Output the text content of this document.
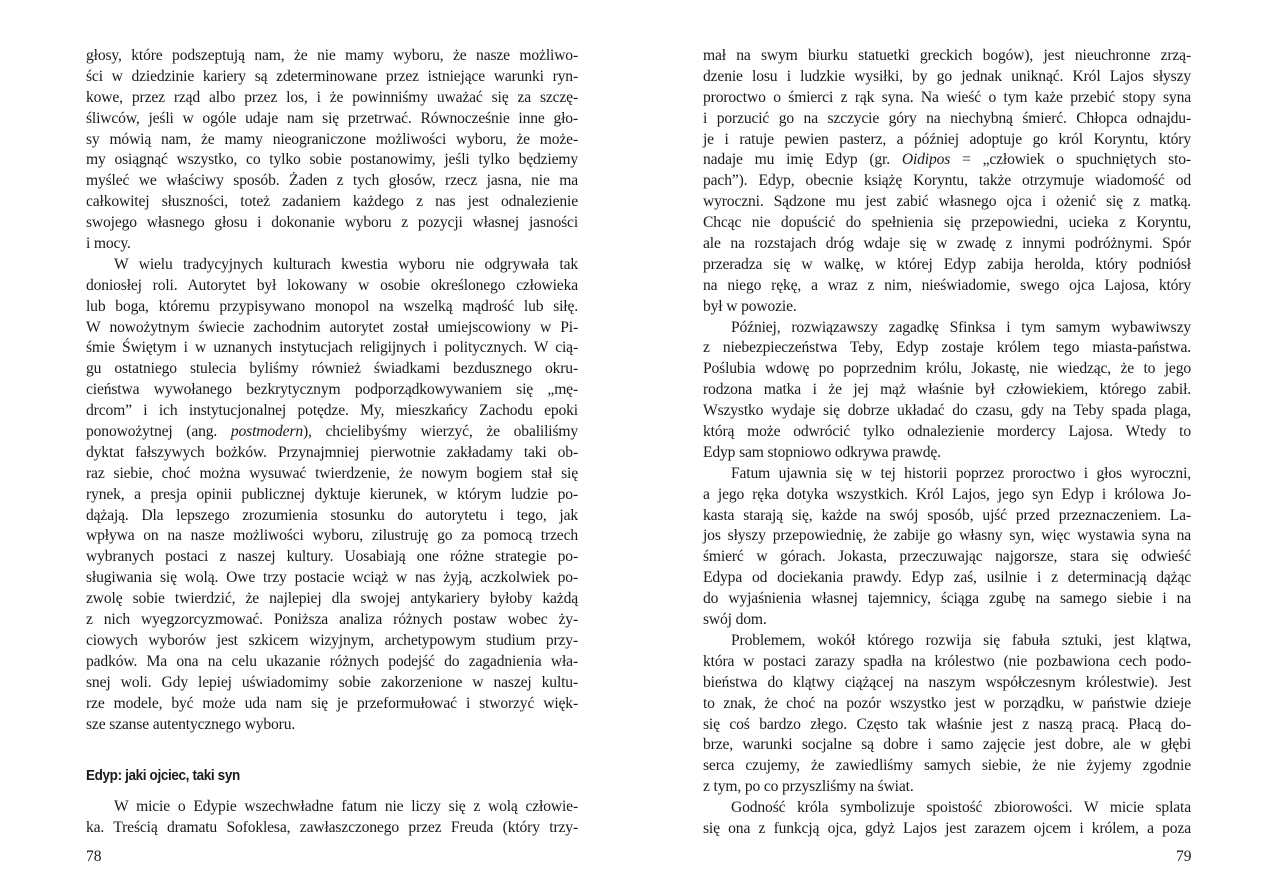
głosy, które podszeptują nam, że nie mamy wyboru, że nasze możliwo-
ści w dziedzinie kariery są zdeterminowane przez istniejące warunki ryn-
kowe, przez rząd albo przez los, i że powinniśmy uważać się za szczę-
śliwców, jeśli w ogóle udaje nam się przetrwać. Równocześnie inne gło-
sy mówią nam, że mamy nieograniczone możliwości wyboru, że może-
my osiągnąć wszystko, co tylko sobie postanowimy, jeśli tylko będziemy
myśleć we właściwy sposób. Żaden z tych głosów, rzecz jasna, nie ma
całkowitej słuszności, toteż zadaniem każdego z nas jest odnalezienie
swojego własnego głosu i dokonanie wyboru z pozycji własnej jasności
i mocy.
W wielu tradycyjnych kulturach kwestia wyboru nie odgrywała tak
doniosłej roli. Autorytet był lokowany w osobie określonego człowieka
lub boga, któremu przypisywano monopol na wszelką mądrość lub siłę.
W nowożytnym świecie zachodnim autorytet został umiejscowiony w Pi-
śmie Świętym i w uznanych instytucjach religijnych i politycznych. W cią-
gu ostatniego stulecia byliśmy również świadkami bezdusznego okru-
cieństwa wywołanego bezkrytycznym podporządkowywaniem się „mę-
drcom” i ich instytucjonalnej potędze. My, mieszkańcy Zachodu epoki
ponowożytnej (ang. postmodern), chcielibyśmy wierzyć, że obaliliśmy
dyktat fałszywych bożków. Przynajmniej pierwotnie zakładamy taki ob-
raz siebie, choć można wysuwać twierdzenie, że nowym bogiem stał się
rynek, a presja opinii publicznej dyktuje kierunek, w którym ludzie po-
dążają. Dla lepszego zrozumienia stosunku do autorytetu i tego, jak
wpływa on na nasze możliwości wyboru, zilustruję go za pomocą trzech
wybranych postaci z naszej kultury. Uosabiają one różne strategie po-
sługiwania się wolą. Owe trzy postacie wciąż w nas żyją, aczkolwiek po-
zwolę sobie twierdzić, że najlepiej dla swojej antykariery byłoby każdą
z nich wyegzorcyzmować. Poniższa analiza różnych postaw wobec ży-
ciowych wyborów jest szkicem wizyjnym, archetypowym studium przy-
padków. Ma ona na celu ukazanie różnych podejść do zagadnienia wła-
snej woli. Gdy lepiej uświadomimy sobie zakorzenione w naszej kultu-
rze modele, być może uda nam się je przeformułować i stworzyć więk-
sze szanse autentycznego wyboru.
Edyp: jaki ojciec, taki syn
W micie o Edypie wszechwładne fatum nie liczy się z wolą człowie-
ka. Treścią dramatu Sofoklesa, zawłaszczonego przez Freuda (który trzy-
78
mał na swym biurku statuetki greckich bogów), jest nieuchronne zrzą-
dzenie losu i ludzkie wysiłki, by go jednak uniknąć. Król Lajos słyszy
proroctwo o śmierci z rąk syna. Na wieść o tym każe przebić stopy syna
i porzucić go na szczycie góry na niechybną śmierć. Chłopca odnajdu-
je i ratuje pewien pasterz, a później adoptuje go król Koryntu, który
nadaje mu imię Edyp (gr. Oidipos = „człowiek o spuchniętych sto-
pach”). Edyp, obecnie książę Koryntu, także otrzymuje wiadomość od
wyroczni. Sądzone mu jest zabić własnego ojca i ożenić się z matką.
Chcąc nie dopuścić do spełnienia się przepowiedni, ucieka z Koryntu,
ale na rozstajach dróg wdaje się w zwadę z innymi podróżnymi. Spór
przeradza się w walkę, w której Edyp zabija herolda, który podniósł
na niego rękę, a wraz z nim, nieświadomie, swego ojca Lajosa, który
był w powozie.
Później, rozwiązawszy zagadkę Sfinksa i tym samym wybawiwszy
z niebezpieczeństwa Teby, Edyp zostaje królem tego miasta-państwa.
Poślubia wdowę po poprzednim królu, Jokastę, nie wiedząc, że to jego
rodzona matka i że jej mąż właśnie był człowiekiem, którego zabił.
Wszystko wydaje się dobrze układać do czasu, gdy na Teby spada plaga,
którą może odwrócić tylko odnalezienie mordercy Lajosa. Wtedy to
Edyp sam stopniowo odkrywa prawdę.
Fatum ujawnia się w tej historii poprzez proroctwo i głos wyroczni,
a jego ręka dotyka wszystkich. Król Lajos, jego syn Edyp i królowa Jo-
kasta starają się, każde na swój sposób, ujść przed przeznaczeniem. La-
jos słyszy przepowiednię, że zabije go własny syn, więc wystawia syna na
śmierć w górach. Jokasta, przeczuwając najgorsze, stara się odwieść
Edypa od dociekania prawdy. Edyp zaś, usilnie i z determinacją dążąc
do wyjaśnienia własnej tajemnicy, ściąga zgubę na samego siebie i na
swój dom.
Problemem, wokół którego rozwija się fabuła sztuki, jest klątwa,
która w postaci zarazy spadła na królestwo (nie pozbawiona cech podo-
bieństwa do klątwy ciążącej na naszym współczesnym królestwie). Jest
to znak, że choć na pozór wszystko jest w porządku, w państwie dzieje
się coś bardzo złego. Często tak właśnie jest z naszą pracą. Płacą do-
brze, warunki socjalne są dobre i samo zajęcie jest dobre, ale w głębi
serca czujemy, że zawiedliśmy samych siebie, że nie żyjemy zgodnie
z tym, po co przyszliśmy na świat.
Godność króla symbolizuje spoistość zbiorowości. W micie splata
się ona z funkcją ojca, gdyż Lajos jest zarazem ojcem i królem, a poza
79
